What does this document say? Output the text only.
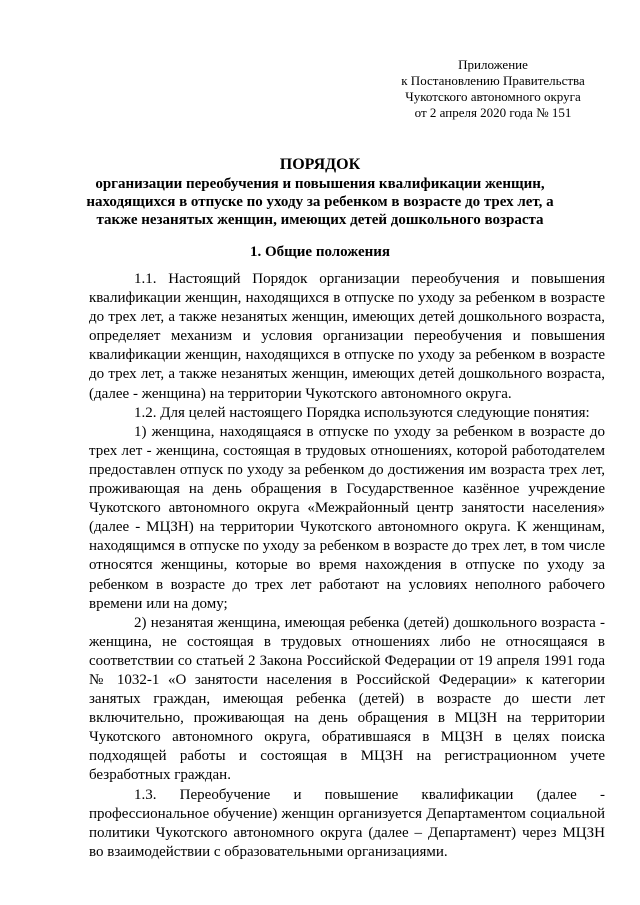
Приложение
к Постановлению Правительства
Чукотского автономного округа
от 2 апреля 2020 года № 151
ПОРЯДОК
организации переобучения и повышения квалификации женщин, находящихся в отпуске по уходу за ребенком в возрасте до трех лет, а также незанятых женщин, имеющих детей дошкольного возраста
1. Общие положения

1.1. Настоящий Порядок организации переобучения и повышения квалификации женщин, находящихся в отпуске по уходу за ребенком в возрасте до трех лет, а также незанятых женщин, имеющих детей дошкольного возраста, определяет механизм и условия организации переобучения и повышения квалификации женщин, находящихся в отпуске по уходу за ребенком в возрасте до трех лет, а также незанятых женщин, имеющих детей дошкольного возраста, (далее - женщина) на территории Чукотского автономного округа.

1.2. Для целей настоящего Порядка используются следующие понятия:

1) женщина, находящаяся в отпуске по уходу за ребенком в возрасте до трех лет - женщина, состоящая в трудовых отношениях, которой работодателем предоставлен отпуск по уходу за ребенком до достижения им возраста трех лет, проживающая на день обращения в Государственное казённое учреждение Чукотского автономного округа «Межрайонный центр занятости населения» (далее - МЦЗН) на территории Чукотского автономного округа. К женщинам, находящимся в отпуске по уходу за ребенком в возрасте до трех лет, в том числе относятся женщины, которые во время нахождения в отпуске по уходу за ребенком в возрасте до трех лет работают на условиях неполного рабочего времени или на дому;

2) незанятая женщина, имеющая ребенка (детей) дошкольного возраста - женщина, не состоящая в трудовых отношениях либо не относящаяся в соответствии со статьей 2 Закона Российской Федерации от 19 апреля 1991 года № 1032-1 «О занятости населения в Российской Федерации» к категории занятых граждан, имеющая ребенка (детей) в возрасте до шести лет включительно, проживающая на день обращения в МЦЗН на территории Чукотского автономного округа, обратившаяся в МЦЗН в целях поиска подходящей работы и состоящая в МЦЗН на регистрационном учете безработных граждан.

1.3. Переобучение и повышение квалификации (далее - профессиональное обучение) женщин организуется Департаментом социальной политики Чукотского автономного округа (далее – Департамент) через МЦЗН во взаимодействии с образовательными организациями.
